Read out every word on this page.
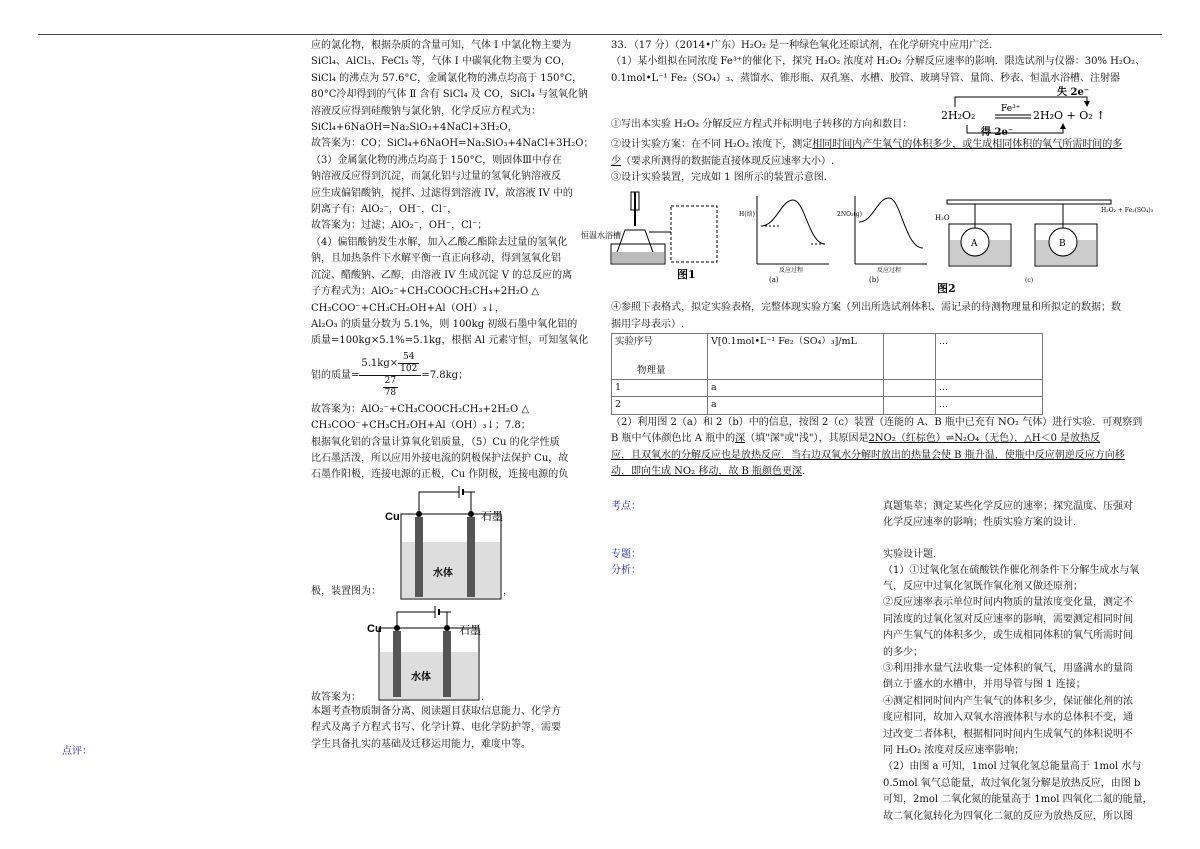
应的氯化物，根据杂质的含量可知，气体 I 中氯化物主要为

SiCl₄、AlCl₃、FeCl₃ 等，气体 I 中碳氧化物主要为 CO，

SiCl₄ 的沸点为 57.6°C，金属氯化物的沸点均高于 150°C，

80°C冷却得到的气体 Ⅱ 含有 SiCl₄ 及 CO，SiCl₄ 与氢氧化钠

溶液反应得到硅酸钠与氯化钠，化学反应方程式为：

SiCl₄+6NaOH=Na₂SiO₃+4NaCl+3H₂O，

故答案为：CO；SiCl₄+6NaOH=Na₂SiO₃+4NaCl+3H₂O；

（3）金属氯化物的沸点均高于 150°C，则固体Ⅲ中存在

钠溶液反应得到沉淀，而氯化铝与过量的氢氧化钠溶液反

应生成偏铝酸钠，搅拌、过滤得到溶液 IV，故溶液 IV 中的

阴离子有：AlO₂⁻，OH⁻，Cl⁻，

故答案为：过滤；AlO₂⁻，OH⁻，Cl⁻；

（4）偏铝酸钠发生水解，加入乙酸乙酯除去过量的氢氧化

钠，且加热条件下水解平衡一直正向移动，得到氢氧化铝

沉淀、醋酸钠、乙醇，由溶液 IV 生成沉淀 V 的总反应的离

子方程式为：AlO₂⁻+CH₃COOCH₂CH₃+2H₂O △

CH₃COO⁻+CH₃CH₂OH+Al（OH）₃↓，

Al₂O₃ 的质量分数为 5.1%，则 100kg 初级石墨中氧化铝的

质量=100kg×5.1%=5.1kg，根据 Al 元素守恒，可知氢氧化

铝的质量= $\frac{5.1kg\times \frac{54}{102}}{\frac{27}{78}} =7.8kg$；

故答案为：AlO₂⁻+CH₃COOCH₂CH₃+2H₂O △

CH₃COO⁻+CH₃CH₂OH+Al（OH）₃↓；7.8；

根据氧化铝的含量计算氧化铝质量，（5）Cu 的化学性质

比石墨活泼，所以应用外接电流的阴极保护法保护 Cu，故

石墨作阳极，连接电源的正极，Cu 作阴极，连接电源的负

Cu	石墨
水体
极，装置图为：	，
Cu	石墨
水体
故答案为：	.

本题考查物质制备分离、阅读题目获取信息能力、化学方

程式及离子方程式书写、化学计算、电化学防护等，需要

学生具备扎实的基础及迁移运用能力，难度中等。

点评：

33．（17 分）（2014•广东）H₂O₂ 是一种绿色氧化还原试剂，在化学研究中应用广泛.

（1）某小组拟在同浓度 Fe³⁺的催化下，探究 H₂O₂ 浓度对 H₂O₂ 分解反应速率的影响．限选试剂与仪器：30% H₂O₂、

0.1mol•L⁻¹ Fe₂（SO₄）₃、蒸馏水、锥形瓶、双孔塞、水槽、胶管、玻璃导管、量筒、秒表、恒温水浴槽、注射器

失 2e⁻
Fe³⁺
2H₂O₂	2H₂O + O₂ ↑
得 2e⁻
①写出本实验 H₂O₂ 分解反应方程式并标明电子转移的方向和数目：

②设计实验方案：在不同 H₂O₂ 浓度下，测定相同时间内产生氧气的体积多少，或生成相同体积的氧气所需时间的多

少（要求所测得的数据能直接体现反应速率大小）.

③设计实验装置，完成如 1 图所示的装置示意图.

恒温水浴槽
图1
H(焓)
反应过程
(a)
2NO₂(g)
反应过程
(b)
A	B
H₂O
H₂O₂ + Fe₂(SO₄)₃
(c)
图2

④参照下表格式，拟定实验表格，完整体现实验方案（列出所选试剂体积、需记录的待测物理量和所拟定的数据；数

据用字母表示）.

实验序号
物理量	V[0.1mol•L⁻¹ Fe₂（SO₄）₃]/mL		...
1	a		...
2	a		...

（2）利用图 2（a）和 2（b）中的信息，按图 2（c）装置（连能的 A、B 瓶中已充有 NO₂ 气体）进行实验．可观察到

B 瓶中气体颜色比 A 瓶中的深（填"深"或"浅"），其原因是2NO₂（红棕色）⇌N₂O₄（无色），△H＜0 是放热反

应，且双氧水的分解反应也是放热反应．当右边双氧水分解时放出的热量会使 B 瓶升温，使瓶中反应朝逆反应方向移

动，即向生成 NO₂ 移动，故 B 瓶颜色更深．

考点：	真题集萃；测定某些化学反应的速率；探究温度、压强对
化学反应速率的影响；性质实验方案的设计．
专题：	实验设计题．
分析：	（1）①过氧化氢在硫酸铁作催化剂条件下分解生成水与氧

气，反应中过氧化氢既作氧化剂又做还原剂；

②反应速率表示单位时间内物质的量浓度变化量，测定不

同浓度的过氧化氢对反应速率的影响，需要测定相同时间

内产生氧气的体积多少，或生成相同体积的氧气所需时间

的多少；

③利用排水量气法收集一定体积的氧气，用盛满水的量筒

倒立于盛水的水槽中，并用导管与图 1 连接；

④测定相同时间内产生氧气的体积多少，保证催化剂的浓

度应相同，故加入双氧水溶液体积与水的总体积不变，通

过改变二者体积，根据相同时间内生成氧气的体积说明不

同 H₂O₂ 浓度对反应速率影响；

（2）由图 a 可知，1mol 过氧化氢总能量高于 1mol 水与

0.5mol 氧气总能量，故过氧化氢分解是放热反应，由图 b

可知，2mol 二氧化氮的能量高于 1mol 四氧化二氮的能量，

故二氧化氮转化为四氧化二氮的反应为放热反应，所以图
